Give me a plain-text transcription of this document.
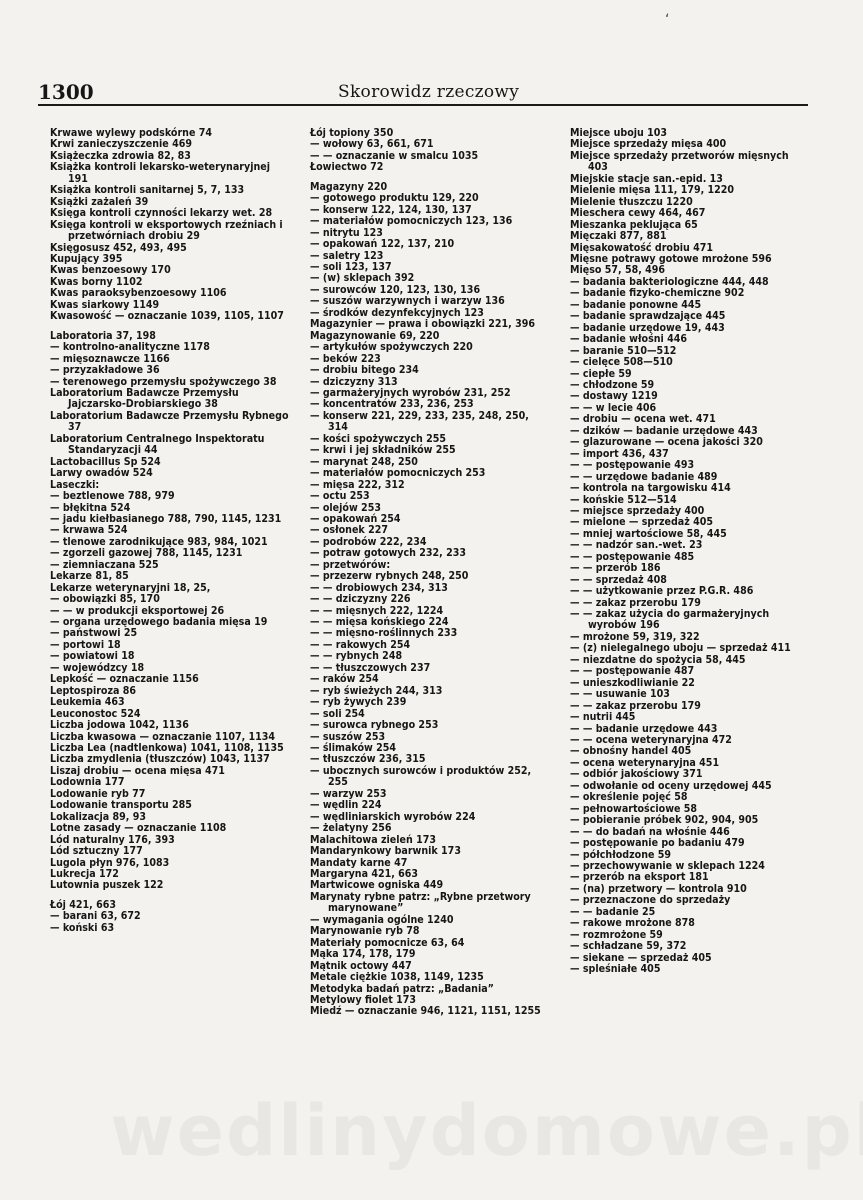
‘
1300	Skorowidz rzeczowy
Krwawe wylewy podskórne 74
Krwi zanieczyszczenie 469
Książeczka zdrowia 82, 83
Książka kontroli lekarsko-weterynaryjnej 191
Książka kontroli sanitarnej 5, 7, 133
Książki zażaleń 39
Księga kontroli czynności lekarzy wet. 28
Księga kontroli w eksportowych rzeźniach i przetwórniach drobiu 29
Księgosusz 452, 493, 495
Kupujący 395
Kwas benzoesowy 170
Kwas borny 1102
Kwas paraoksybenzoesowy 1106
Kwas siarkowy 1149
Kwasowość — oznaczanie 1039, 1105, 1107
Laboratoria 37, 198
— kontrolno-analityczne 1178
— mięsoznawcze 1166
— przyzakładowe 36
— terenowego przemysłu spożywczego 38
Laboratorium Badawcze Przemysłu Jajczarsko-Drobiarskiego 38
Laboratorium Badawcze Przemysłu Rybnego 37
Laboratorium Centralnego Inspektoratu Standaryzacji 44
Lactobacillus Sp 524
Larwy owadów 524
Laseczki:
— beztlenowe 788, 979
— błękitna 524
— jadu kiełbasianego 788, 790, 1145, 1231
— krwawa 524
— tlenowe zarodnikujące 983, 984, 1021
— zgorzeli gazowej 788, 1145, 1231
— ziemniaczana 525
Lekarze 81, 85
Lekarze weterynaryjni 18, 25,
— obowiązki 85, 170
— — w produkcji eksportowej 26
— organa urzędowego badania mięsa 19
— państwowi 25
— portowi 18
— powiatowi 18
— wojewódzcy 18
Lepkość — oznaczanie 1156
Leptospiroza 86
Leukemia 463
Leuconostoc 524
Liczba jodowa 1042, 1136
Liczba kwasowa — oznaczanie 1107, 1134
Liczba Lea (nadtlenkowa) 1041, 1108, 1135
Liczba zmydlenia (tłuszczów) 1043, 1137
Liszaj drobiu — ocena mięsa 471
Lodownia 177
Lodowanie ryb 77
Lodowanie transportu 285
Lokalizacja 89, 93
Lotne zasady — oznaczanie 1108
Lód naturalny 176, 393
Lód sztuczny 177
Lugola płyn 976, 1083
Lukrecja 172
Lutownia puszek 122
Łój 421, 663
— barani 63, 672
— koński 63
Łój topiony 350
— wołowy 63, 661, 671
— — oznaczanie w smalcu 1035
Łowiectwo 72
Magazyny 220
— gotowego produktu 129, 220
— konserw 122, 124, 130, 137
— materiałów pomocniczych 123, 136
— nitrytu 123
— opakowań 122, 137, 210
— saletry 123
— soli 123, 137
— (w) sklepach 392
— surowców 120, 123, 130, 136
— suszów warzywnych i warzyw 136
— środków dezynfekcyjnych 123
Magazynier — prawa i obowiązki 221, 396
Magazynowanie 69, 220
— artykułów spożywczych 220
— beków 223
— drobiu bitego 234
— dziczyzny 313
— garmażeryjnych wyrobów 231, 252
— koncentratów 233, 236, 253
— konserw 221, 229, 233, 235, 248, 250, 314
— kości spożywczych 255
— krwi i jej składników 255
— marynat 248, 250
— materiałów pomocniczych 253
— mięsa 222, 312
— octu 253
— olejów 253
— opakowań 254
— osłonek 227
— podrobów 222, 234
— potraw gotowych 232, 233
— przetwórów:
— przezerw rybnych 248, 250
— — drobiowych 234, 313
— — dziczyzny 226
— — mięsnych 222, 1224
— — mięsa końskiego 224
— — mięsno-roślinnych 233
— — rakowych 254
— — rybnych 248
— — tłuszczowych 237
— raków 254
— ryb świeżych 244, 313
— ryb żywych 239
— soli 254
— surowca rybnego 253
— suszów 253
— ślimaków 254
— tłuszczów 236, 315
— ubocznych surowców i produktów 252, 255
— warzyw 253
— wędlin 224
— wędliniarskich wyrobów 224
— żelatyny 256
Malachitowa zieleń 173
Mandarynkowy barwnik 173
Mandaty karne 47
Margaryna 421, 663
Martwicowe ogniska 449
Marynaty rybne patrz: „Rybne przetwory marynowane”
— wymagania ogólne 1240
Marynowanie ryb 78
Materiały pomocnicze 63, 64
Mąka 174, 178, 179
Mątnik octowy 447
Metale ciężkie 1038, 1149, 1235
Metodyka badań patrz: „Badania”
Metylowy fiolet 173
Miedź — oznaczanie 946, 1121, 1151, 1255
Miejsce uboju 103
Miejsce sprzedaży mięsa 400
Miejsce sprzedaży przetworów mięsnych 403
Miejskie stacje san.-epid. 13
Mielenie mięsa 111, 179, 1220
Mielenie tłuszczu 1220
Mieschera cewy 464, 467
Mieszanka peklująca 65
Mięczaki 877, 881
Mięsakowatość drobiu 471
Mięsne potrawy gotowe mrożone 596
Mięso 57, 58, 496
— badania bakteriologiczne 444, 448
— badanie fizyko-chemiczne 902
— badanie ponowne 445
— badanie sprawdzające 445
— badanie urzędowe 19, 443
— badanie włośni 446
— baranie 510—512
— cielęce 508—510
— ciepłe 59
— chłodzone 59
— dostawy 1219
— — w lecie 406
— drobiu — ocena wet. 471
— dzików — badanie urzędowe 443
— glazurowane — ocena jakości 320
— import 436, 437
— — postępowanie 493
— — urzędowe badanie 489
— kontrola na targowisku 414
— końskie 512—514
— miejsce sprzedaży 400
— mielone — sprzedaż 405
— mniej wartościowe 58, 445
— — nadzór san.-wet. 23
— — postępowanie 485
— — przerób 186
— — sprzedaż 408
— — użytkowanie przez P.G.R. 486
— — zakaz przerobu 179
— — zakaz użycia do garmażeryjnych wyrobów 196
— mrożone 59, 319, 322
— (z) nielegalnego uboju — sprzedaż 411
— niezdatne do spożycia 58, 445
— — postępowanie 487
— unieszkodliwianie 22
— — usuwanie 103
— — zakaz przerobu 179
— nutrii 445
— — badanie urzędowe 443
— — ocena weterynaryjna 472
— obnośny handel 405
— ocena weterynaryjna 451
— odbiór jakościowy 371
— odwołanie od oceny urzędowej 445
— określenie pojęć 58
— pełnowartościowe 58
— pobieranie próbek 902, 904, 905
— — do badań na włośnie 446
— postępowanie po badaniu 479
— półchłodzone 59
— przechowywanie w sklepach 1224
— przerób na eksport 181
— (na) przetwory — kontrola 910
— przeznaczone do sprzedaży
— — badanie 25
— rakowe mrożone 878
— rozmrożone 59
— schładzane 59, 372
— siekane — sprzedaż 405
— spleśniałe 405
